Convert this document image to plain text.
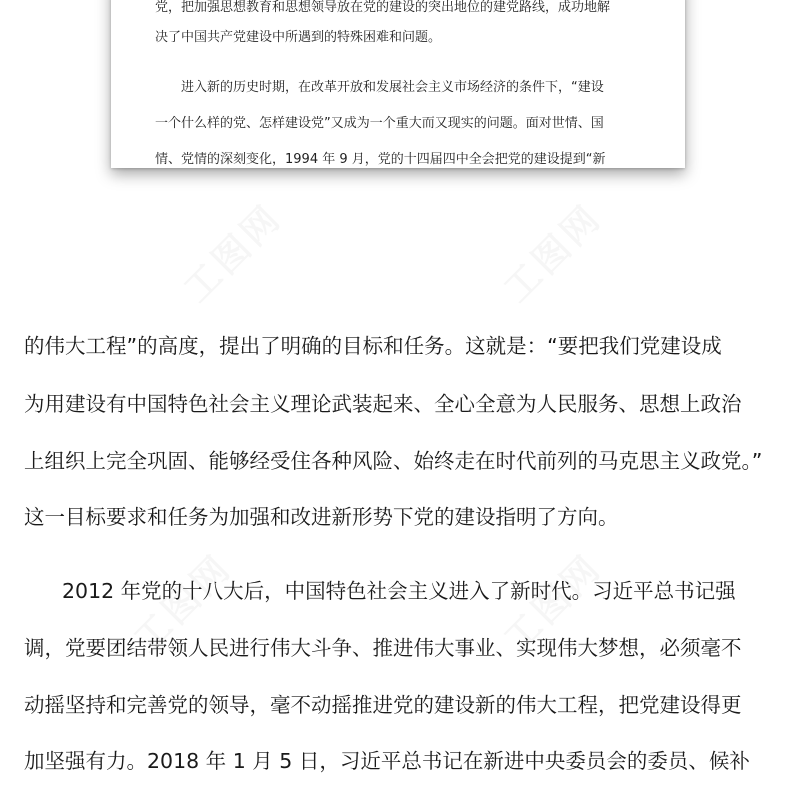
党，把加强思想教育和思想领导放在党的建设的突出地位的建党路线，成功地解

决了中国共产党建设中所遇到的特殊困难和问题。

进入新的历史时期，在改革开放和发展社会主义市场经济的条件下，“建设

一个什么样的党、怎样建设党”又成为一个重大而又现实的问题。面对世情、国

情、党情的深刻变化，1994 年 9 月，党的十四届四中全会把党的建设提到“新

的伟大工程”的高度，提出了明确的目标和任务。这就是：“要把我们党建设成

为用建设有中国特色社会主义理论武装起来、全心全意为人民服务、思想上政治

上组织上完全巩固、能够经受住各种风险、始终走在时代前列的马克思主义政党。”

这一目标要求和任务为加强和改进新形势下党的建设指明了方向。

2012 年党的十八大后，中国特色社会主义进入了新时代。习近平总书记强

调，党要团结带领人民进行伟大斗争、推进伟大事业、实现伟大梦想，必须毫不

动摇坚持和完善党的领导，毫不动摇推进党的建设新的伟大工程，把党建设得更

加坚强有力。2018 年 1 月 5 日，习近平总书记在新进中央委员会的委员、候补
